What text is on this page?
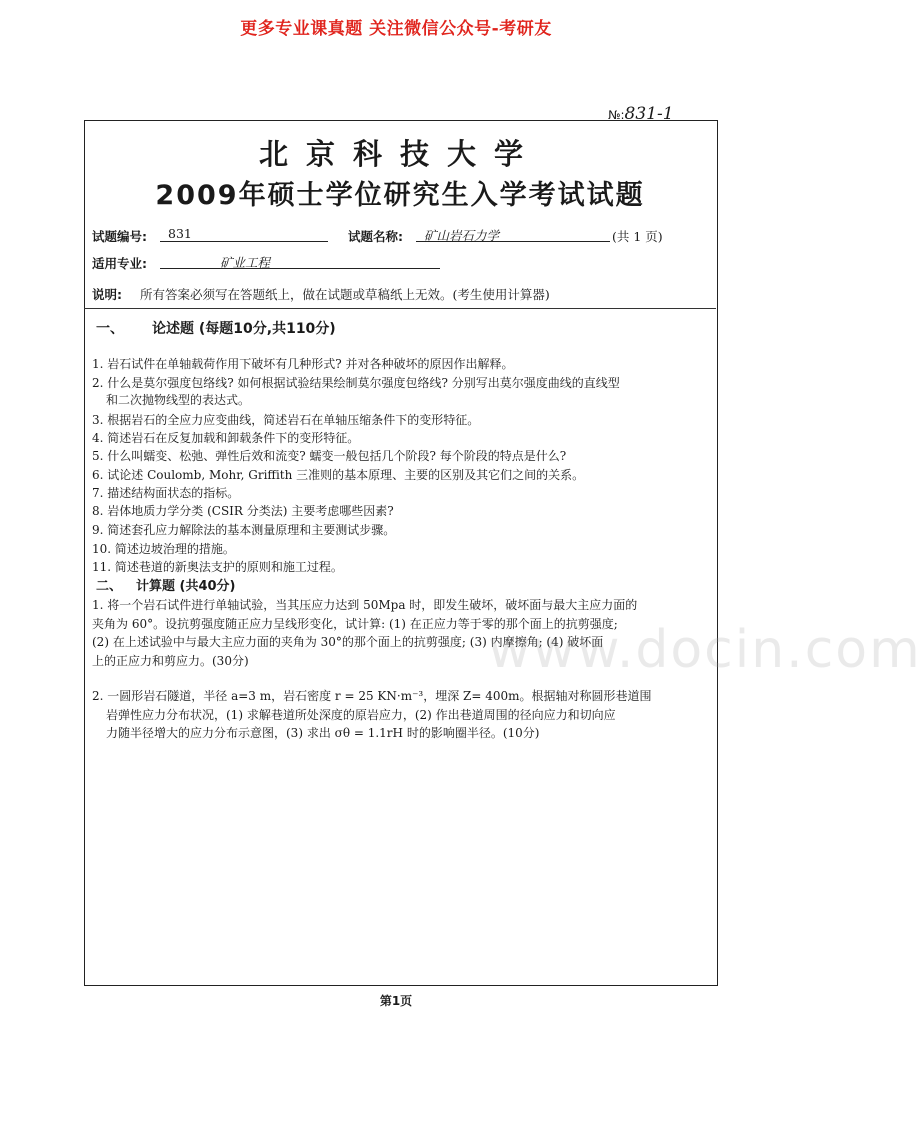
更多专业课真题 关注微信公众号-考研友
№:831-1
北京科技大学
2009年硕士学位研究生入学考试试题
试题编号:	831	试题名称:	矿山岩石力学	(共 1 页)
适用专业:	矿业工程
说明: 所有答案必须写在答题纸上，做在试题或草稿纸上无效。(考生使用计算器)
一、 论述题 (每题10分,共110分)
1. 岩石试件在单轴载荷作用下破坏有几种形式? 并对各种破坏的原因作出解释。
2. 什么是莫尔强度包络线? 如何根据试验结果绘制莫尔强度包络线? 分别写出莫尔强度曲线的直线型
和二次抛物线型的表达式。
3. 根据岩石的全应力应变曲线，简述岩石在单轴压缩条件下的变形特征。
4. 简述岩石在反复加载和卸载条件下的变形特征。
5. 什么叫蠕变、松弛、弹性后效和流变? 蠕变一般包括几个阶段? 每个阶段的特点是什么?
6. 试论述 Coulomb, Mohr, Griffith 三准则的基本原理、主要的区别及其它们之间的关系。
7. 描述结构面状态的指标。
8. 岩体地质力学分类 (CSIR 分类法) 主要考虑哪些因素?
9. 简述套孔应力解除法的基本测量原理和主要测试步骤。
10. 简述边坡治理的措施。
11. 简述巷道的新奥法支护的原则和施工过程。
二、 计算题 (共40分)
1. 将一个岩石试件进行单轴试验，当其压应力达到 50Mpa 时，即发生破坏，破坏面与最大主应力面的
夹角为 60°。设抗剪强度随正应力呈线形变化，试计算: (1) 在正应力等于零的那个面上的抗剪强度;
(2) 在上述试验中与最大主应力面的夹角为 30°的那个面上的抗剪强度; (3) 内摩擦角; (4) 破坏面
上的正应力和剪应力。(30分)
2. 一圆形岩石隧道，半径 a=3 m，岩石密度 r = 25 KN·m⁻³，埋深 Z= 400m。根据轴对称圆形巷道围
岩弹性应力分布状况，(1) 求解巷道所处深度的原岩应力，(2) 作出巷道周围的径向应力和切向应
力随半径增大的应力分布示意图，(3) 求出 σθ = 1.1rH 时的影响圈半径。(10分)
www.docin.com
第1页
